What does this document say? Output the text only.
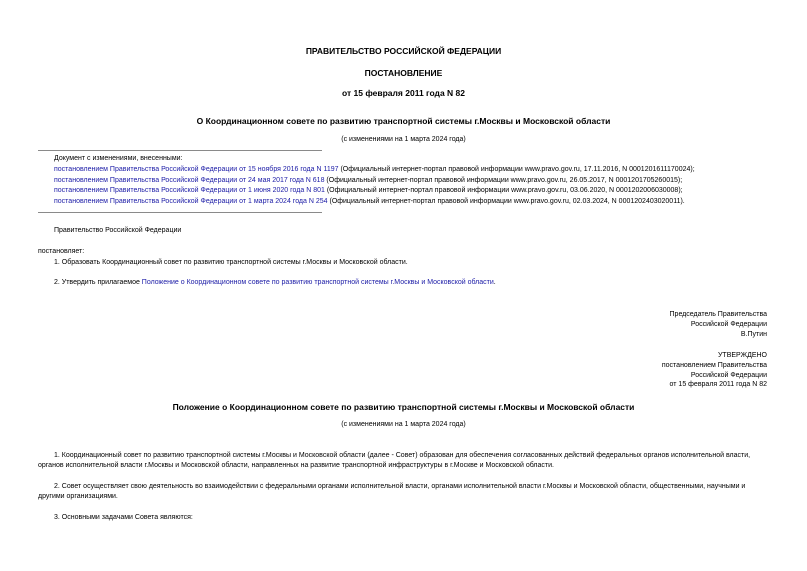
ПРАВИТЕЛЬСТВО РОССИЙСКОЙ ФЕДЕРАЦИИ
ПОСТАНОВЛЕНИЕ
от 15 февраля 2011 года N 82
О Координационном совете по развитию транспортной системы г.Москвы и Московской области
(с изменениями на 1 марта 2024 года)
Документ с изменениями, внесенными:
постановлением Правительства Российской Федерации от 15 ноября 2016 года N 1197 (Официальный интернет-портал правовой информации www.pravo.gov.ru, 17.11.2016, N 0001201611170024);
постановлением Правительства Российской Федерации от 24 мая 2017 года N 618 (Официальный интернет-портал правовой информации www.pravo.gov.ru, 26.05.2017, N 0001201705260015);
постановлением Правительства Российской Федерации от 1 июня 2020 года N 801 (Официальный интернет-портал правовой информации www.pravo.gov.ru, 03.06.2020, N 0001202006030008);
постановлением Правительства Российской Федерации от 1 марта 2024 года N 254 (Официальный интернет-портал правовой информации www.pravo.gov.ru, 02.03.2024, N 0001202403020011).
Правительство Российской Федерации
постановляет:
1. Образовать Координационный совет по развитию транспортной системы г.Москвы и Московской области.
2. Утвердить прилагаемое Положение о Координационном совете по развитию транспортной системы г.Москвы и Московской области.
Председатель Правительства
Российской Федерации
В.Путин
УТВЕРЖДЕНО
постановлением Правительства
Российской Федерации
от 15 февраля 2011 года N 82
Положение о Координационном совете по развитию транспортной системы г.Москвы и Московской области
(с изменениями на 1 марта 2024 года)
1. Координационный совет по развитию транспортной системы г.Москвы и Московской области (далее - Совет) образован для обеспечения согласованных действий федеральных органов исполнительной власти, органов исполнительной власти г.Москвы и Московской области, направленных на развитие транспортной инфраструктуры в г.Москве и Московской области.
2. Совет осуществляет свою деятельность во взаимодействии с федеральными органами исполнительной власти, органами исполнительной власти г.Москвы и Московской области, общественными, научными и другими организациями.
3. Основными задачами Совета являются:
